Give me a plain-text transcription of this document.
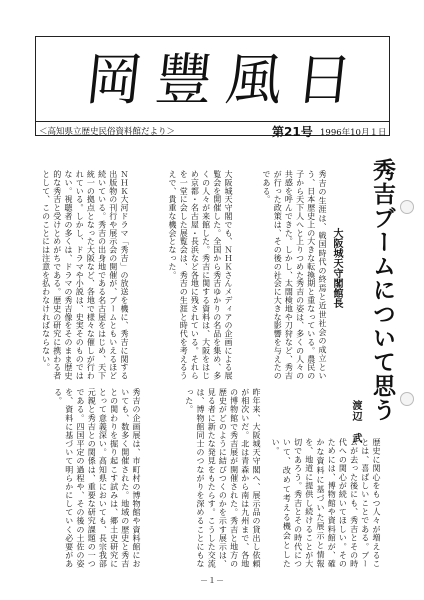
岡豐風日
＜高知県立歴史民俗資料館だより＞	第21号 1996年10月１日
秀吉ブームについて思う
大阪城天守閣館長
渡辺　武
ＮＨＫ大河ドラマ「秀吉」の放送を機に、秀吉に関する出版物の刊行や展示会の開催が、ブームともいえるほど続いている。秀吉の出身地である名古屋をはじめ、天下統一の拠点となった大阪など、各地で様々な催しが行われている。しかし、ドラマや小説は、史実そのものではない。視聴者の多くは、ドラマの秀吉像をそのまま歴史的な秀吉と受けとめがちである。歴史の研究に携わる者として、このことには注意を払わなければならない。	大阪城天守閣でも、ＮＨＫさんメディアの企画による展覧会を開催した。全国から秀吉ゆかりの名品を集め、多くの人々が来館した。秀吉に関する資料は、大阪をはじめ京都・名古屋・長浜など各地に残されている。それらを一堂に会した展覧会は、秀吉の生涯と時代を考えるうえで、貴重な機会となった。	秀吉の生涯は、戦国時代の終焉と近世社会の成立という、日本歴史上の大きな転換期と重なっている。農民の子から天下人へと上りつめた秀吉の姿は、多くの人々の共感を呼んできた。しかし、太閤検地や刀狩など、秀吉が行った政策は、その後の社会に大きな影響を与えたのである。
秀吉の企画展は、市町村の博物館や資料館においても、数多く開催された。地域の歴史と秀吉との関わりを掘り起こす試みは、郷土史研究にとって意義深い。高知県においても、長宗我部元親と秀吉との関係は、重要な研究課題の一つである。四国平定の過程や、その後の土佐の姿を、資料に基づいて明らかにしていく必要がある。	昨年来、大阪城天守閣へ、展示品の貸出し依頼が相次いだ。北は青森から南は九州まで、各地の博物館で秀吉展が開催された。秀吉と地方の歴史がどのように結びつくのかを示す展示は、見る者に新たな発見をもたらす。こうした交流は、博物館同士のつながりを深めることにもなった。
歴史に関心をもつ人々が増えることは、喜ばしいことである。ブームが去った後にも、秀吉とその時代への関心が続いてほしい。そのためには、博物館や資料館が、確かな資料に基づいた展示と情報を、地道に提供し続けることが大切であろう。秀吉とその時代について、改めて考える機会としたい。
－１－
